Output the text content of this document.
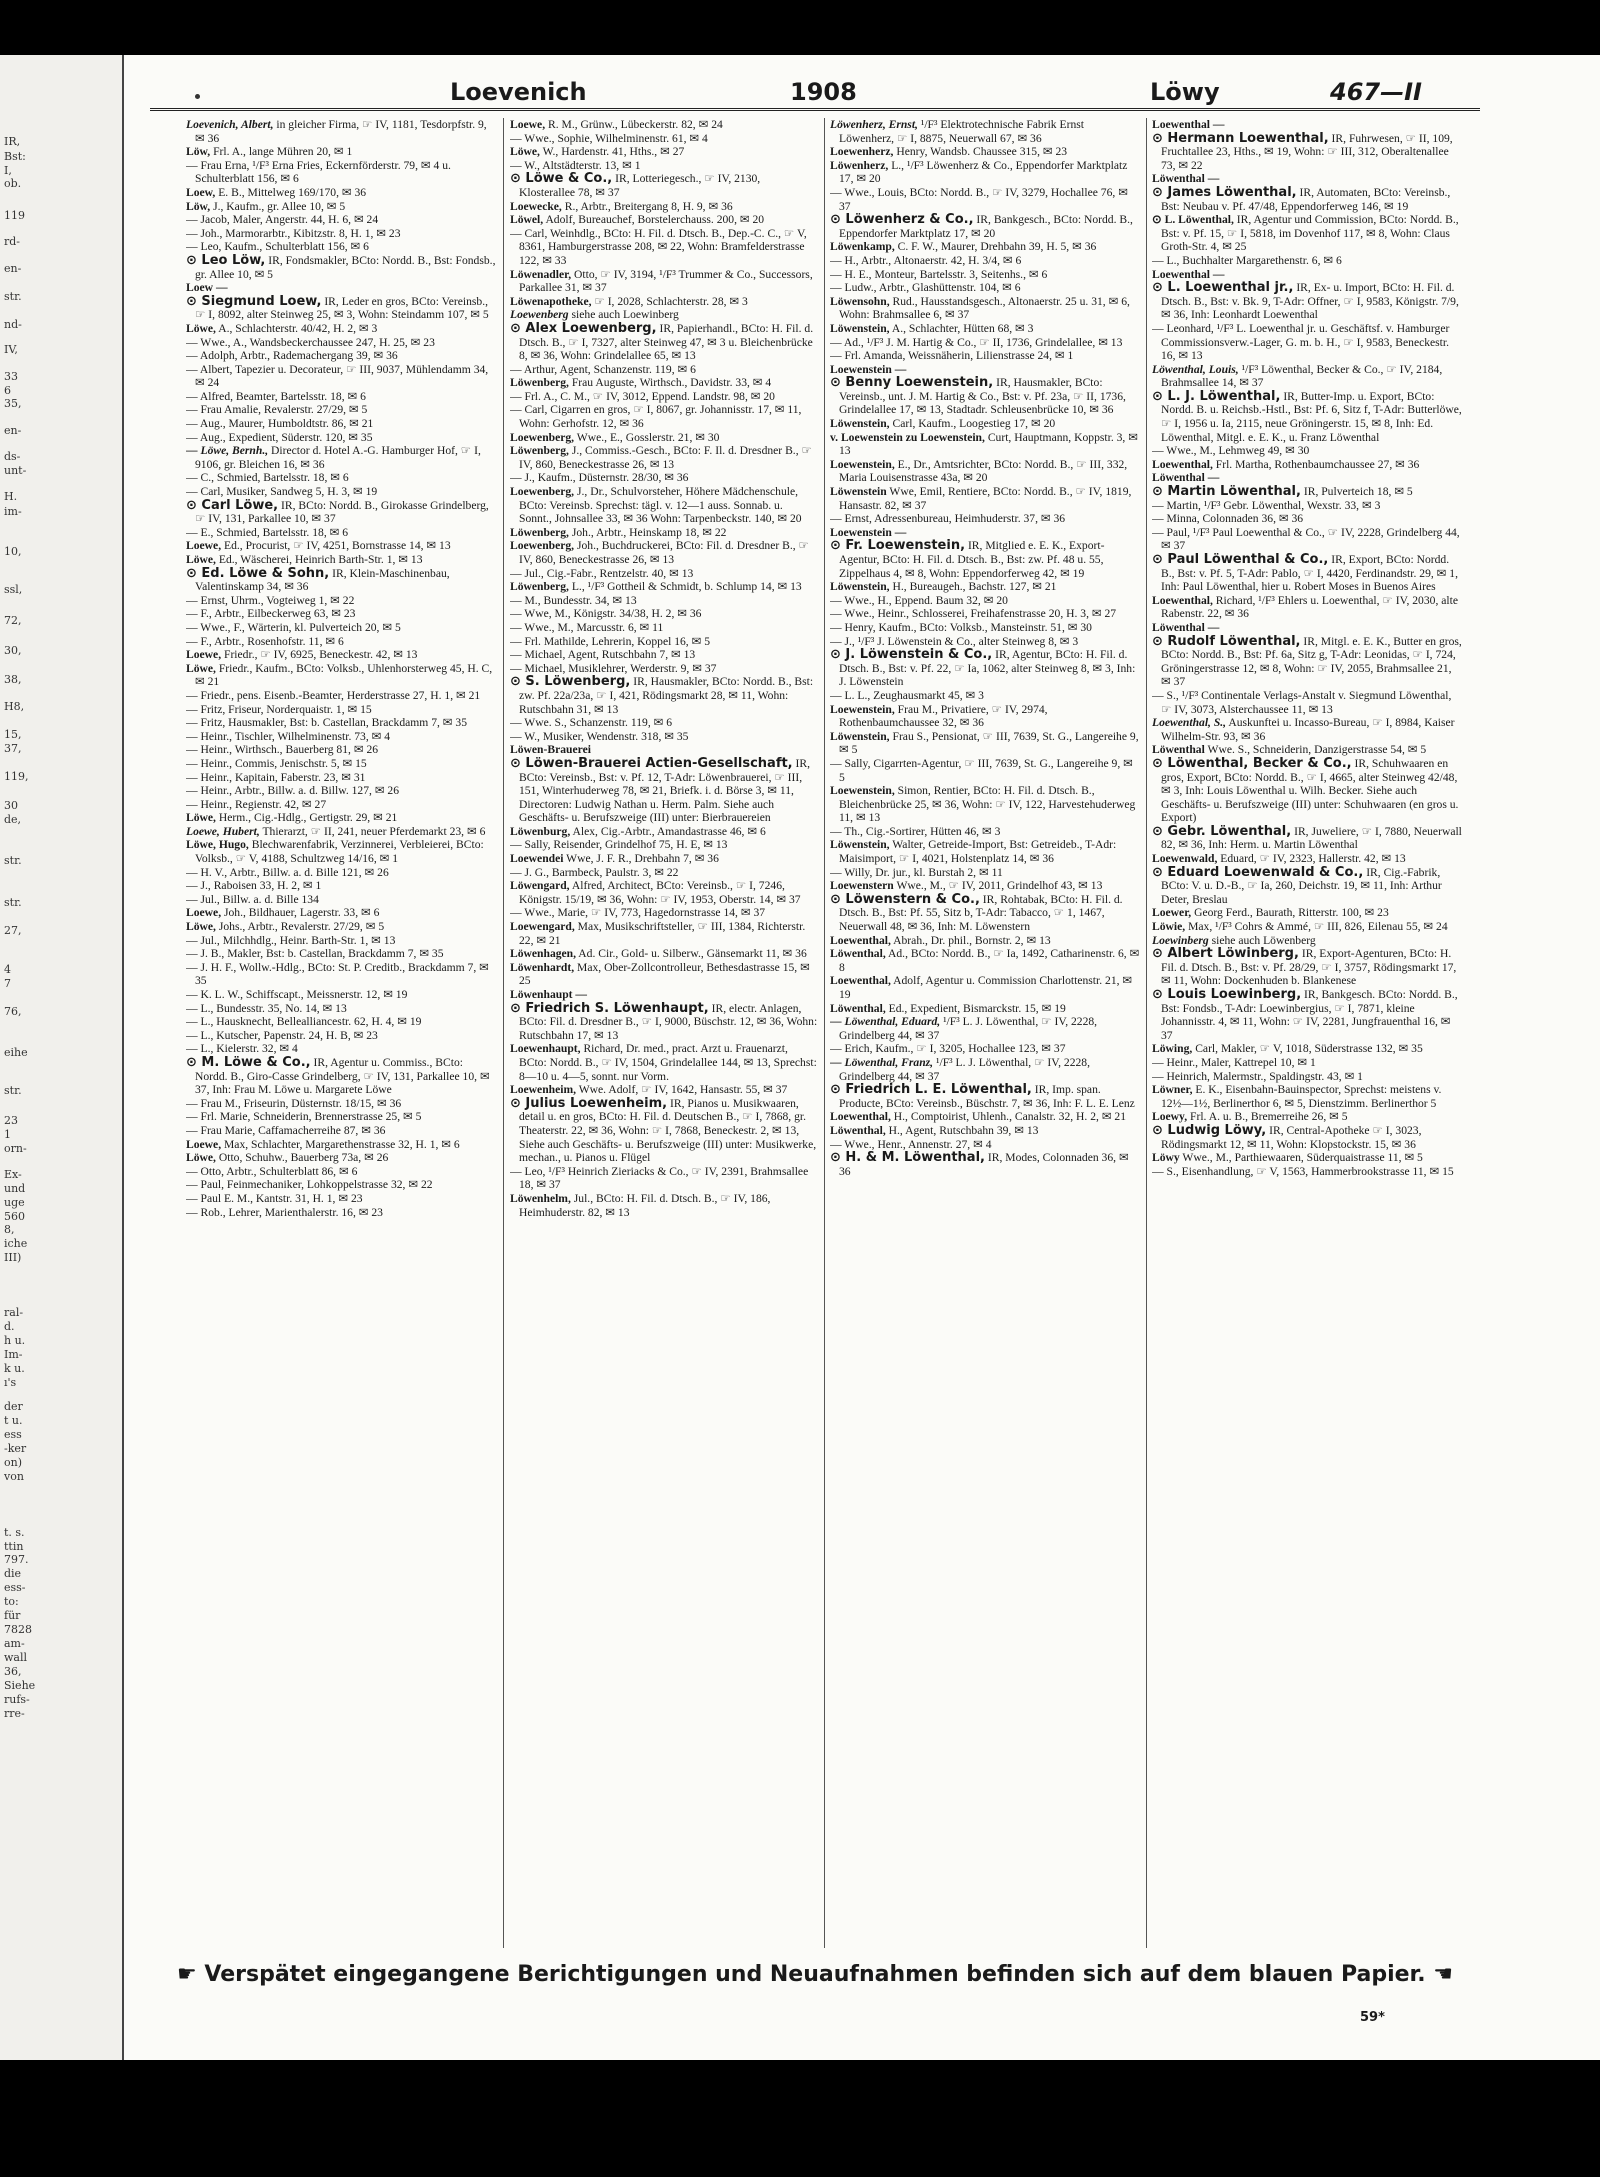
IR,
Bst:
I,
ob.
119
rd-
en-
str.
nd-
IV,
33
6
35,
en-
ds-
unt-
H.
im-
10,
ssl,
72,
30,
38,
H8,
15,
37,
119,
30
de,
str.
str.
27,
4
7
76,
eihe
str.
23
1
orn-
Ex-
und
uge
560
8,
iche
III)
ral-
d.
h u.
Im-
k u.
ı's
der
t u.
ess
-ker
on)
von
t. s.
ttin
797.
die
ess-
to:
für
7828
am-
wall
36,
Siehe
rufs-
rre-
Loevenich	1908	Löwy	467—II

Loevenich, Albert, in gleicher Firma, ☞ IV, 1181, Tesdorpfstr. 9, ✉ 36

Löw, Frl. A., lange Mühren 20, ✉ 1

— Frau Erna, ¹/F³ Erna Fries, Eckernförderstr. 79, ✉ 4 u. Schulterblatt 156, ✉ 6

Loew, E. B., Mittelweg 169/170, ✉ 36

Löw, J., Kaufm., gr. Allee 10, ✉ 5

— Jacob, Maler, Angerstr. 44, H. 6, ✉ 24

— Joh., Marmorarbtr., Kibitzstr. 8, H. 1, ✉ 23

— Leo, Kaufm., Schulterblatt 156, ✉ 6

⊙ Leo Löw, IR, Fondsmakler, BCto: Nordd. B., Bst: Fondsb., gr. Allee 10, ✉ 5

Loew —

⊙ Siegmund Loew, IR, Leder en gros, BCto: Vereinsb., ☞ I, 8092, alter Steinweg 25, ✉ 3, Wohn: Steindamm 107, ✉ 5

Löwe, A., Schlachterstr. 40/42, H. 2, ✉ 3

— Wwe., A., Wandsbeckerchaussee 247, H. 25, ✉ 23

— Adolph, Arbtr., Rademachergang 39, ✉ 36

— Albert, Tapezier u. Decorateur, ☞ III, 9037, Mühlendamm 34, ✉ 24

— Alfred, Beamter, Bartelsstr. 18, ✉ 6

— Frau Amalie, Revalerstr. 27/29, ✉ 5

— Aug., Maurer, Humboldtstr. 86, ✉ 21

— Aug., Expedient, Süderstr. 120, ✉ 35

— Löwe, Bernh., Director d. Hotel A.-G. Hamburger Hof, ☞ I, 9106, gr. Bleichen 16, ✉ 36

— C., Schmied, Bartelsstr. 18, ✉ 6

— Carl, Musiker, Sandweg 5, H. 3, ✉ 19

⊙ Carl Löwe, IR, BCto: Nordd. B., Girokasse Grindelberg, ☞ IV, 131, Parkallee 10, ✉ 37

— E., Schmied, Bartelsstr. 18, ✉ 6

Loewe, Ed., Procurist, ☞ IV, 4251, Bornstrasse 14, ✉ 13

Löwe, Ed., Wäscherei, Heinrich Barth-Str. 1, ✉ 13

⊙ Ed. Löwe & Sohn, IR, Klein-Maschinenbau, Valentinskamp 34, ✉ 36

— Ernst, Uhrm., Vogteiweg 1, ✉ 22

— F., Arbtr., Eilbeckerweg 63, ✉ 23

— Wwe., F., Wärterin, kl. Pulverteich 20, ✉ 5

— F., Arbtr., Rosenhofstr. 11, ✉ 6

Loewe, Friedr., ☞ IV, 6925, Beneckestr. 42, ✉ 13

Löwe, Friedr., Kaufm., BCto: Volksb., Uhlenhorsterweg 45, H. C, ✉ 21

— Friedr., pens. Eisenb.-Beamter, Herderstrasse 27, H. 1, ✉ 21

— Fritz, Friseur, Norderquaistr. 1, ✉ 15

— Fritz, Hausmakler, Bst: b. Castellan, Brackdamm 7, ✉ 35

— Heinr., Tischler, Wilhelminenstr. 73, ✉ 4

— Heinr., Wirthsch., Bauerberg 81, ✉ 26

— Heinr., Commis, Jenischstr. 5, ✉ 15

— Heinr., Kapitain, Faberstr. 23, ✉ 31

— Heinr., Arbtr., Billw. a. d. Billw. 127, ✉ 26

— Heinr., Regienstr. 42, ✉ 27

Löwe, Herm., Cig.-Hdlg., Gertigstr. 29, ✉ 21

Loewe, Hubert, Thierarzt, ☞ II, 241, neuer Pferdemarkt 23, ✉ 6

Löwe, Hugo, Blechwarenfabrik, Verzinnerei, Verbleierei, BCto: Volksb., ☞ V, 4188, Schultzweg 14/16, ✉ 1

— H. V., Arbtr., Billw. a. d. Bille 121, ✉ 26

— J., Raboisen 33, H. 2, ✉ 1

— Jul., Billw. a. d. Bille 134

Loewe, Joh., Bildhauer, Lagerstr. 33, ✉ 6

Löwe, Johs., Arbtr., Revalerstr. 27/29, ✉ 5

— Jul., Milchhdlg., Heinr. Barth-Str. 1, ✉ 13

— J. B., Makler, Bst: b. Castellan, Brackdamm 7, ✉ 35

— J. H. F., Wollw.-Hdlg., BCto: St. P. Creditb., Brackdamm 7, ✉ 35

— K. L. W., Schiffscapt., Meissnerstr. 12, ✉ 19

— L., Bundesstr. 35, No. 14, ✉ 13

— L., Hausknecht, Bellealliancestr. 62, H. 4, ✉ 19

— L., Kutscher, Papenstr. 24, H. B, ✉ 23

— L., Kielerstr. 32, ✉ 4

⊙ M. Löwe & Co., IR, Agentur u. Commiss., BCto: Nordd. B., Giro-Casse Grindelberg, ☞ IV, 131, Parkallee 10, ✉ 37, Inh: Frau M. Löwe u. Margarete Löwe

— Frau M., Friseurin, Düsternstr. 18/15, ✉ 36

— Frl. Marie, Schneiderin, Brennerstrasse 25, ✉ 5

— Frau Marie, Caffamacherreihe 87, ✉ 36

Loewe, Max, Schlachter, Margarethenstrasse 32, H. 1, ✉ 6

Löwe, Otto, Schuhw., Bauerberg 73a, ✉ 26

— Otto, Arbtr., Schulterblatt 86, ✉ 6

— Paul, Feinmechaniker, Lohkoppelstrasse 32, ✉ 22

— Paul E. M., Kantstr. 31, H. 1, ✉ 23

— Rob., Lehrer, Marienthalerstr. 16, ✉ 23

Loewe, R. M., Grünw., Lübeckerstr. 82, ✉ 24

— Wwe., Sophie, Wilhelminenstr. 61, ✉ 4

Löwe, W., Hardenstr. 41, Hths., ✉ 27

— W., Altstädterstr. 13, ✉ 1

⊙ Löwe & Co., IR, Lotteriegesch., ☞ IV, 2130, Klosterallee 78, ✉ 37

Loewecke, R., Arbtr., Breitergang 8, H. 9, ✉ 36

Löwel, Adolf, Bureauchef, Borstelerchauss. 200, ✉ 20

— Carl, Weinhdlg., BCto: H. Fil. d. Dtsch. B., Dep.-C. C., ☞ V, 8361, Hamburgerstrasse 208, ✉ 22, Wohn: Bramfelderstrasse 122, ✉ 33

Löwenadler, Otto, ☞ IV, 3194, ¹/F³ Trummer & Co., Successors, Parkallee 31, ✉ 37

Löwenapotheke, ☞ I, 2028, Schlachterstr. 28, ✉ 3

Loewenberg siehe auch Loewinberg

⊙ Alex Loewenberg, IR, Papierhandl., BCto: H. Fil. d. Dtsch. B., ☞ I, 7327, alter Steinweg 47, ✉ 3 u. Bleichenbrücke 8, ✉ 36, Wohn: Grindelallee 65, ✉ 13

— Arthur, Agent, Schanzenstr. 119, ✉ 6

Löwenberg, Frau Auguste, Wirthsch., Davidstr. 33, ✉ 4

— Frl. A., C. M., ☞ IV, 3012, Eppend. Landstr. 98, ✉ 20

— Carl, Cigarren en gros, ☞ I, 8067, gr. Johannisstr. 17, ✉ 11, Wohn: Gerhofstr. 12, ✉ 36

Loewenberg, Wwe., E., Gosslerstr. 21, ✉ 30

Löwenberg, J., Commiss.-Gesch., BCto: F. Il. d. Dresdner B., ☞ IV, 860, Beneckestrasse 26, ✉ 13

— J., Kaufm., Düsternstr. 28/30, ✉ 36

Loewenberg, J., Dr., Schulvorsteher, Höhere Mädchenschule, BCto: Vereinsb. Sprechst: tägl. v. 12—1 auss. Sonnab. u. Sonnt., Johnsallee 33, ✉ 36 Wohn: Tarpenbeckstr. 140, ✉ 20

Löwenberg, Joh., Arbtr., Heinskamp 18, ✉ 22

Loewenberg, Joh., Buchdruckerei, BCto: Fil. d. Dresdner B., ☞ IV, 860, Beneckestrasse 26, ✉ 13

— Jul., Cig.-Fabr., Rentzelstr. 40, ✉ 13

Löwenberg, L., ¹/F³ Gottheil & Schmidt, b. Schlump 14, ✉ 13

— M., Bundesstr. 34, ✉ 13

— Wwe, M., Königstr. 34/38, H. 2, ✉ 36

— Wwe., M., Marcusstr. 6, ✉ 11

— Frl. Mathilde, Lehrerin, Koppel 16, ✉ 5

— Michael, Agent, Rutschbahn 7, ✉ 13

— Michael, Musiklehrer, Werderstr. 9, ✉ 37

⊙ S. Löwenberg, IR, Hausmakler, BCto: Nordd. B., Bst: zw. Pf. 22a/23a, ☞ I, 421, Rödingsmarkt 28, ✉ 11, Wohn: Rutschbahn 31, ✉ 13

— Wwe. S., Schanzenstr. 119, ✉ 6

— W., Musiker, Wendenstr. 318, ✉ 35

Löwen-Brauerei

⊙ Löwen-Brauerei Actien-Gesellschaft, IR, BCto: Vereinsb., Bst: v. Pf. 12, T-Adr: Löwenbrauerei, ☞ III, 151, Winterhuderweg 78, ✉ 21, Briefk. i. d. Börse 3, ✉ 11, Directoren: Ludwig Nathan u. Herm. Palm. Siehe auch Geschäfts- u. Berufszweige (III) unter: Bierbrauereien

Löwenburg, Alex, Cig.-Arbtr., Amandastrasse 46, ✉ 6

— Sally, Reisender, Grindelhof 75, H. E, ✉ 13

Loewendei Wwe, J. F. R., Drehbahn 7, ✉ 36

— J. G., Barmbeck, Paulstr. 3, ✉ 22

Löwengard, Alfred, Architect, BCto: Vereinsb., ☞ I, 7246, Königstr. 15/19, ✉ 36, Wohn: ☞ IV, 1953, Oberstr. 14, ✉ 37

— Wwe., Marie, ☞ IV, 773, Hagedornstrasse 14, ✉ 37

Loewengard, Max, Musikschriftsteller, ☞ III, 1384, Richterstr. 22, ✉ 21

Löwenhagen, Ad. Cir., Gold- u. Silberw., Gänsemarkt 11, ✉ 36

Löwenhardt, Max, Ober-Zollcontrolleur, Bethesdastrasse 15, ✉ 25

Löwenhaupt —

⊙ Friedrich S. Löwenhaupt, IR, electr. Anlagen, BCto: Fil. d. Dresdner B., ☞ I, 9000, Büschstr. 12, ✉ 36, Wohn: Rutschbahn 17, ✉ 13

Loewenhaupt, Richard, Dr. med., pract. Arzt u. Frauenarzt, BCto: Nordd. B., ☞ IV, 1504, Grindelallee 144, ✉ 13, Sprechst: 8—10 u. 4—5, sonnt. nur Vorm.

Loewenheim, Wwe. Adolf, ☞ IV, 1642, Hansastr. 55, ✉ 37

⊙ Julius Loewenheim, IR, Pianos u. Musikwaaren, detail u. en gros, BCto: H. Fil. d. Deutschen B., ☞ I, 7868, gr. Theaterstr. 22, ✉ 36, Wohn: ☞ I, 7868, Beneckestr. 2, ✉ 13, Siehe auch Geschäfts- u. Berufszweige (III) unter: Musikwerke, mechan., u. Pianos u. Flügel

— Leo, ¹/F³ Heinrich Zieriacks & Co., ☞ IV, 2391, Brahmsallee 18, ✉ 37

Löwenhelm, Jul., BCto: H. Fil. d. Dtsch. B., ☞ IV, 186, Heimhuderstr. 82, ✉ 13

Löwenherz, Ernst, ¹/F³ Elektrotechnische Fabrik Ernst Löwenherz, ☞ I, 8875, Neuerwall 67, ✉ 36

Loewenherz, Henry, Wandsb. Chaussee 315, ✉ 23

Löwenherz, L., ¹/F³ Löwenherz & Co., Eppendorfer Marktplatz 17, ✉ 20

— Wwe., Louis, BCto: Nordd. B., ☞ IV, 3279, Hochallee 76, ✉ 37

⊙ Löwenherz & Co., IR, Bankgesch., BCto: Nordd. B., Eppendorfer Marktplatz 17, ✉ 20

Löwenkamp, C. F. W., Maurer, Drehbahn 39, H. 5, ✉ 36

— H., Arbtr., Altonaerstr. 42, H. 3/4, ✉ 6

— H. E., Monteur, Bartelsstr. 3, Seitenhs., ✉ 6

— Ludw., Arbtr., Glashüttenstr. 104, ✉ 6

Löwensohn, Rud., Hausstandsgesch., Altonaerstr. 25 u. 31, ✉ 6, Wohn: Brahmsallee 6, ✉ 37

Löwenstein, A., Schlachter, Hütten 68, ✉ 3

— Ad., ¹/F³ J. M. Hartig & Co., ☞ II, 1736, Grindelallee, ✉ 13

— Frl. Amanda, Weissnäherin, Lilienstrasse 24, ✉ 1

Loewenstein —

⊙ Benny Loewenstein, IR, Hausmakler, BCto: Vereinsb., unt. J. M. Hartig & Co., Bst: v. Pf. 23a, ☞ II, 1736, Grindelallee 17, ✉ 13, Stadtadr. Schleusenbrücke 10, ✉ 36

Löwenstein, Carl, Kaufm., Loogestieg 17, ✉ 20

v. Loewenstein zu Loewenstein, Curt, Hauptmann, Koppstr. 3, ✉ 13

Loewenstein, E., Dr., Amtsrichter, BCto: Nordd. B., ☞ III, 332, Maria Louisenstrasse 43a, ✉ 20

Löwenstein Wwe, Emil, Rentiere, BCto: Nordd. B., ☞ IV, 1819, Hansastr. 82, ✉ 37

— Ernst, Adressenbureau, Heimhuderstr. 37, ✉ 36

Loewenstein —

⊙ Fr. Loewenstein, IR, Mitglied e. E. K., Export-Agentur, BCto: H. Fil. d. Dtsch. B., Bst: zw. Pf. 48 u. 55, Zippelhaus 4, ✉ 8, Wohn: Eppendorferweg 42, ✉ 19

Löwenstein, H., Bureaugeh., Bachstr. 127, ✉ 21

— Wwe., H., Eppend. Baum 32, ✉ 20

— Wwe., Heinr., Schlosserei, Freihafenstrasse 20, H. 3, ✉ 27

— Henry, Kaufm., BCto: Volksb., Mansteinstr. 51, ✉ 30

— J., ¹/F³ J. Löwenstein & Co., alter Steinweg 8, ✉ 3

⊙ J. Löwenstein & Co., IR, Agentur, BCto: H. Fil. d. Dtsch. B., Bst: v. Pf. 22, ☞ Ia, 1062, alter Steinweg 8, ✉ 3, Inh: J. Löwenstein

— L. L., Zeughausmarkt 45, ✉ 3

Loewenstein, Frau M., Privatiere, ☞ IV, 2974, Rothenbaumchaussee 32, ✉ 36

Löwenstein, Frau S., Pensionat, ☞ III, 7639, St. G., Langereihe 9, ✉ 5

— Sally, Cigarrten-Agentur, ☞ III, 7639, St. G., Langereihe 9, ✉ 5

Loewenstein, Simon, Rentier, BCto: H. Fil. d. Dtsch. B., Bleichenbrücke 25, ✉ 36, Wohn: ☞ IV, 122, Harvestehuderweg 11, ✉ 13

— Th., Cig.-Sortirer, Hütten 46, ✉ 3

Löwenstein, Walter, Getreide-Import, Bst: Getreideb., T-Adr: Maisimport, ☞ I, 4021, Holstenplatz 14, ✉ 36

— Willy, Dr. jur., kl. Burstah 2, ✉ 11

Loewenstern Wwe., M., ☞ IV, 2011, Grindelhof 43, ✉ 13

⊙ Löwenstern & Co., IR, Rohtabak, BCto: H. Fil. d. Dtsch. B., Bst: Pf. 55, Sitz b, T-Adr: Tabacco, ☞ 1, 1467, Neuerwall 48, ✉ 36, Inh: M. Löwenstern

Loewenthal, Abrah., Dr. phil., Bornstr. 2, ✉ 13

Löwenthal, Ad., BCto: Nordd. B., ☞ Ia, 1492, Catharinenstr. 6, ✉ 8

Loewenthal, Adolf, Agentur u. Commission Charlottenstr. 21, ✉ 19

Löwenthal, Ed., Expedient, Bismarckstr. 15, ✉ 19

— Löwenthal, Eduard, ¹/F³ L. J. Löwenthal, ☞ IV, 2228, Grindelberg 44, ✉ 37

— Erich, Kaufm., ☞ I, 3205, Hochallee 123, ✉ 37

— Löwenthal, Franz, ¹/F³ L. J. Löwenthal, ☞ IV, 2228, Grindelberg 44, ✉ 37

⊙ Friedrich L. E. Löwenthal, IR, Imp. span. Producte, BCto: Vereinsb., Büschstr. 7, ✉ 36, Inh: F. L. E. Lenz

Loewenthal, H., Comptoirist, Uhlenh., Canalstr. 32, H. 2, ✉ 21

Löwenthal, H., Agent, Rutschbahn 39, ✉ 13

— Wwe., Henr., Annenstr. 27, ✉ 4

⊙ H. & M. Löwenthal, IR, Modes, Colonnaden 36, ✉ 36

Loewenthal —

⊙ Hermann Loewenthal, IR, Fuhrwesen, ☞ II, 109, Fruchtallee 23, Hths., ✉ 19, Wohn: ☞ III, 312, Oberaltenallee 73, ✉ 22

Löwenthal —

⊙ James Löwenthal, IR, Automaten, BCto: Vereinsb., Bst: Neubau v. Pf. 47/48, Eppendorferweg 146, ✉ 19

⊙ L. Löwenthal, IR, Agentur und Commission, BCto: Nordd. B., Bst: v. Pf. 15, ☞ I, 5818, im Dovenhof 117, ✉ 8, Wohn: Claus Groth-Str. 4, ✉ 25

— L., Buchhalter Margarethenstr. 6, ✉ 6

Loewenthal —

⊙ L. Loewenthal jr., IR, Ex- u. Import, BCto: H. Fil. d. Dtsch. B., Bst: v. Bk. 9, T-Adr: Offner, ☞ I, 9583, Königstr. 7/9, ✉ 36, Inh: Leonhardt Loewenthal

— Leonhard, ¹/F³ L. Loewenthal jr. u. Geschäftsf. v. Hamburger Commissionsverw.-Lager, G. m. b. H., ☞ I, 9583, Beneckestr. 16, ✉ 13

Löwenthal, Louis, ¹/F³ Löwenthal, Becker & Co., ☞ IV, 2184, Brahmsallee 14, ✉ 37

⊙ L. J. Löwenthal, IR, Butter-Imp. u. Export, BCto: Nordd. B. u. Reichsb.-Hstl., Bst: Pf. 6, Sitz f, T-Adr: Butterlöwe, ☞ I, 1956 u. Ia, 2115, neue Gröningerstr. 15, ✉ 8, Inh: Ed. Löwenthal, Mitgl. e. E. K., u. Franz Löwenthal

— Wwe., M., Lehmweg 49, ✉ 30

Loewenthal, Frl. Martha, Rothenbaumchaussee 27, ✉ 36

Löwenthal —

⊙ Martin Löwenthal, IR, Pulverteich 18, ✉ 5

— Martin, ¹/F³ Gebr. Löwenthal, Wexstr. 33, ✉ 3

— Minna, Colonnaden 36, ✉ 36

— Paul, ¹/F³ Paul Loewenthal & Co., ☞ IV, 2228, Grindelberg 44, ✉ 37

⊙ Paul Löwenthal & Co., IR, Export, BCto: Nordd. B., Bst: v. Pf. 5, T-Adr: Pablo, ☞ I, 4420, Ferdinandstr. 29, ✉ 1, Inh: Paul Löwenthal, hier u. Robert Moses in Buenos Aires

Loewenthal, Richard, ¹/F³ Ehlers u. Loewenthal, ☞ IV, 2030, alte Rabenstr. 22, ✉ 36

Löwenthal —

⊙ Rudolf Löwenthal, IR, Mitgl. e. E. K., Butter en gros, BCto: Nordd. B., Bst: Pf. 6a, Sitz g, T-Adr: Leonidas, ☞ I, 724, Gröningerstrasse 12, ✉ 8, Wohn: ☞ IV, 2055, Brahmsallee 21, ✉ 37

— S., ¹/F³ Continentale Verlags-Anstalt v. Siegmund Löwenthal, ☞ IV, 3073, Alsterchaussee 11, ✉ 13

Loewenthal, S., Auskunftei u. Incasso-Bureau, ☞ I, 8984, Kaiser Wilhelm-Str. 93, ✉ 36

Löwenthal Wwe. S., Schneiderin, Danzigerstrasse 54, ✉ 5

⊙ Löwenthal, Becker & Co., IR, Schuhwaaren en gros, Export, BCto: Nordd. B., ☞ I, 4665, alter Steinweg 42/48, ✉ 3, Inh: Louis Löwenthal u. Wilh. Becker. Siehe auch Geschäfts- u. Berufszweige (III) unter: Schuhwaaren (en gros u. Export)

⊙ Gebr. Löwenthal, IR, Juweliere, ☞ I, 7880, Neuerwall 82, ✉ 36, Inh: Herm. u. Martin Löwenthal

Loewenwald, Eduard, ☞ IV, 2323, Hallerstr. 42, ✉ 13

⊙ Eduard Loewenwald & Co., IR, Cig.-Fabrik, BCto: V. u. D.-B., ☞ Ia, 260, Deichstr. 19, ✉ 11, Inh: Arthur Deter, Breslau

Loewer, Georg Ferd., Baurath, Ritterstr. 100, ✉ 23

Löwie, Max, ¹/F³ Cohrs & Ammé, ☞ III, 826, Eilenau 55, ✉ 24

Loewinberg siehe auch Löwenberg

⊙ Albert Löwinberg, IR, Export-Agenturen, BCto: H. Fil. d. Dtsch. B., Bst: v. Pf. 28/29, ☞ I, 3757, Rödingsmarkt 17, ✉ 11, Wohn: Dockenhuden b. Blankenese

⊙ Louis Loewinberg, IR, Bankgesch. BCto: Nordd. B., Bst: Fondsb., T-Adr: Loewinbergius, ☞ I, 7871, kleine Johannisstr. 4, ✉ 11, Wohn: ☞ IV, 2281, Jungfrauenthal 16, ✉ 37

Löwing, Carl, Makler, ☞ V, 1018, Süderstrasse 132, ✉ 35

— Heinr., Maler, Kattrepel 10, ✉ 1

— Heinrich, Malermstr., Spaldingstr. 43, ✉ 1

Löwner, E. K., Eisenbahn-Bauinspector, Sprechst: meistens v. 12½—1½, Berlinerthor 6, ✉ 5, Dienstzimm. Berlinerthor 5

Loewy, Frl. A. u. B., Bremerreihe 26, ✉ 5

⊙ Ludwig Löwy, IR, Central-Apotheke ☞ I, 3023, Rödingsmarkt 12, ✉ 11, Wohn: Klopstockstr. 15, ✉ 36

Löwy Wwe., M., Parthiewaaren, Süderquaistrasse 11, ✉ 5

— S., Eisenhandlung, ☞ V, 1563, Hammerbrookstrasse 11, ✉ 15

☛ Verspätet eingegangene Berichtigungen und Neuaufnahmen befinden sich auf dem blauen Papier. ☚
59*
